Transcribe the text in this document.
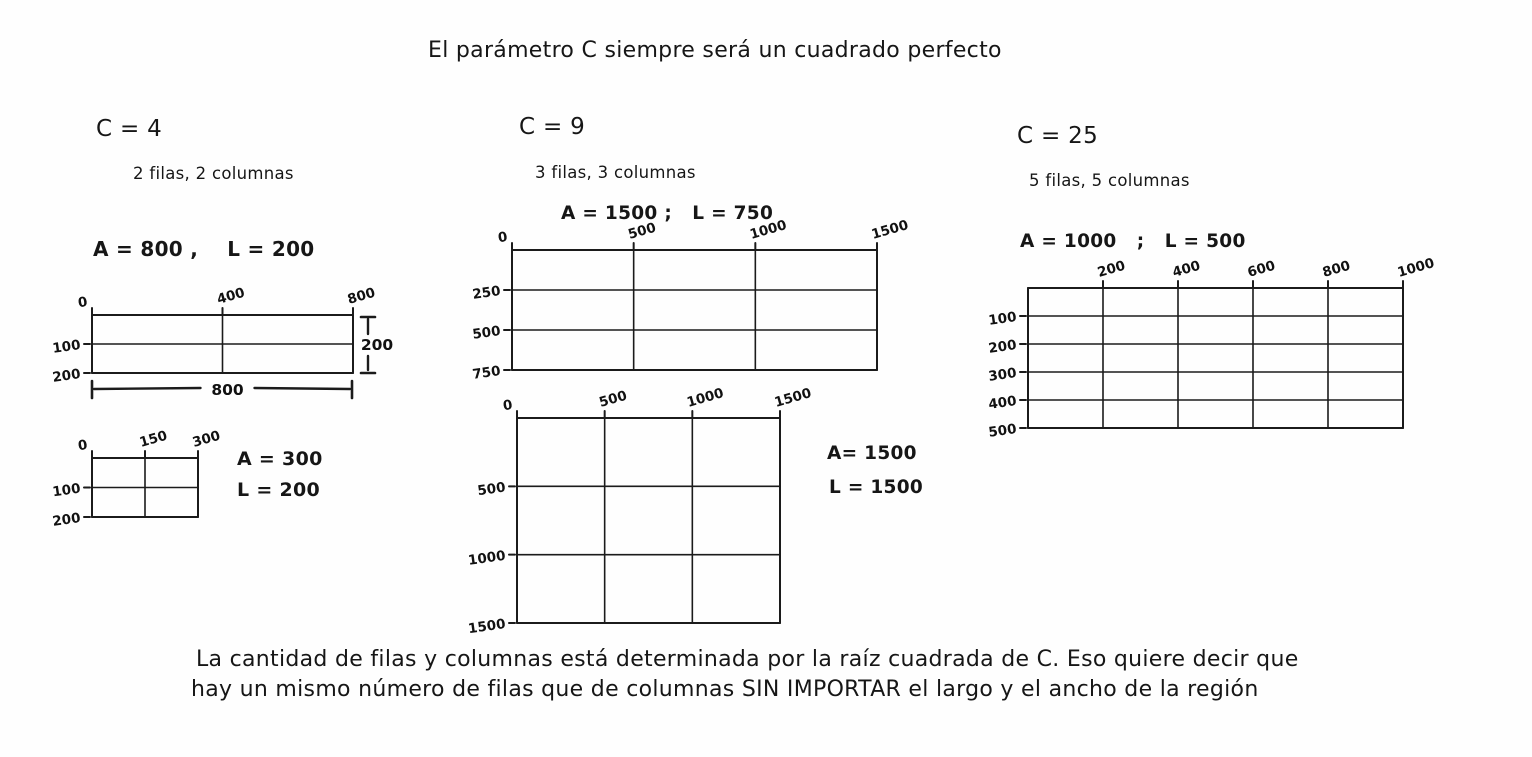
0	400	800
100
200
800
200
0	150 300
100
200
0	500	1000	1500
250
500
750
0	500	1000	1500
500
1000
1500
200	400	600	800	1000
100
200
300
400
500
El parámetro C siempre será un cuadrado perfecto
C = 4
2 filas, 2 columnas
A = 800 ,    L = 200
A = 300
L = 200
C = 9
3 filas, 3 columnas
A = 1500 ;   L = 750
A= 1500
L = 1500
C = 25
5 filas, 5 columnas
A = 1000   ;   L = 500
La cantidad de filas y columnas está determinada por la raíz cuadrada de C. Eso quiere decir que
hay un mismo número de filas que de columnas SIN IMPORTAR el largo y el ancho de la región
